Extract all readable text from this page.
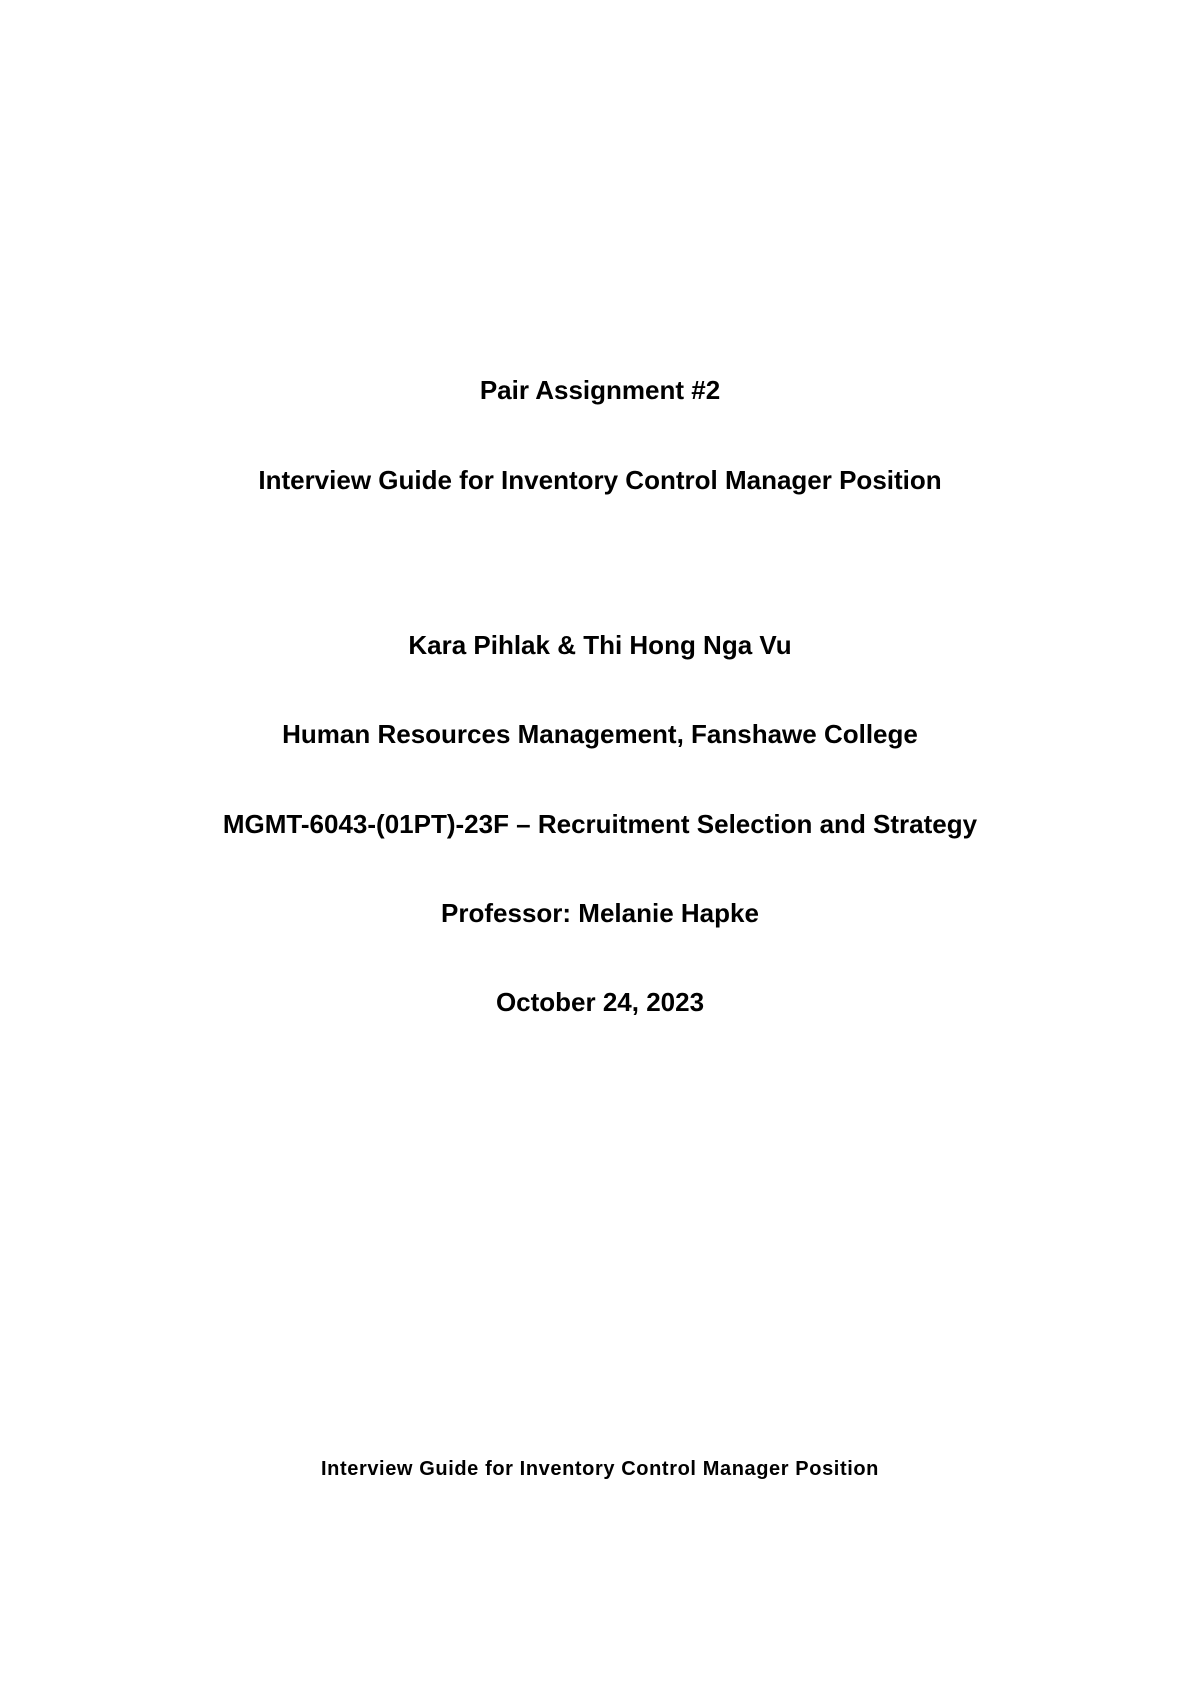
Pair Assignment #2
Interview Guide for Inventory Control Manager Position
Kara Pihlak & Thi Hong Nga Vu
Human Resources Management, Fanshawe College
MGMT-6043-(01PT)-23F – Recruitment Selection and Strategy
Professor: Melanie Hapke
October 24, 2023
Interview Guide for Inventory Control Manager Position
